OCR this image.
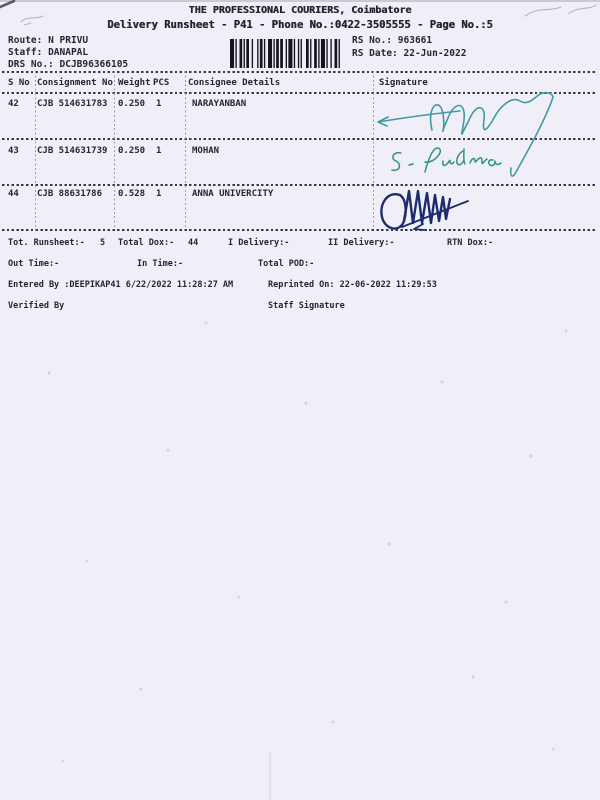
THE PROFESSIONAL COURIERS, Coimbatore
Delivery Runsheet - P41 - Phone No.:0422-3505555 - Page No.:5
Route: N PRIVU
Staff: DANAPAL
DRS No.: DCJB96366105
RS No.: 963661
RS Date: 22-Jun-2022
S No Consignment No Weight PCS Consignee Details	Signature
42 CJB 514631783 0.250 1	NARAYANBAN
43 CJB 514631739 0.250 1	MOHAN
44 CJB 88631786 0.528 1	ANNA UNIVERCITY
Tot. Runsheet:- 5 Total Dox:- 44	I Delivery:-	II Delivery:-	RTN Dox:-
Out Time:-	In Time:-	Total POD:-
Entered By :DEEPIKAP41 6/22/2022 11:28:27 AM	Reprinted On: 22-06-2022 11:29:53
Verified By	Staff Signature
